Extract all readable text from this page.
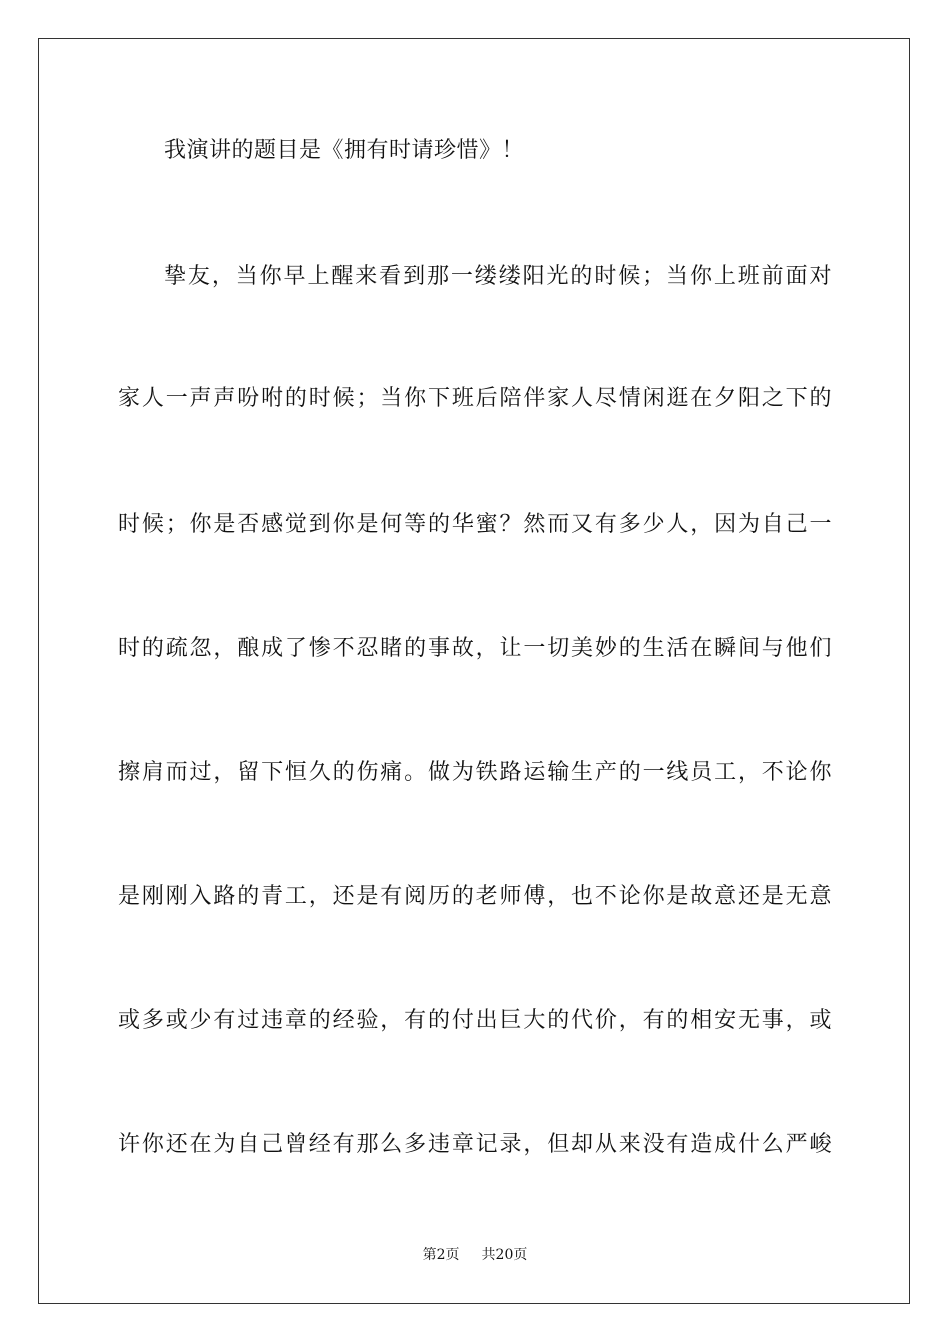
我演讲的题目是《拥有时请珍惜》！
挚友，当你早上醒来看到那一缕缕阳光的时候；当你上班前面对
家人一声声吩咐的时候；当你下班后陪伴家人尽情闲逛在夕阳之下的
时候；你是否感觉到你是何等的华蜜？然而又有多少人，因为自己一
时的疏忽，酿成了惨不忍睹的事故，让一切美妙的生活在瞬间与他们
擦肩而过，留下恒久的伤痛。做为铁路运输生产的一线员工，不论你
是刚刚入路的青工，还是有阅历的老师傅，也不论你是故意还是无意
或多或少有过违章的经验，有的付出巨大的代价，有的相安无事，或
许你还在为自己曾经有那么多违章记录，但却从来没有造成什么严峻
第2页 共20页
